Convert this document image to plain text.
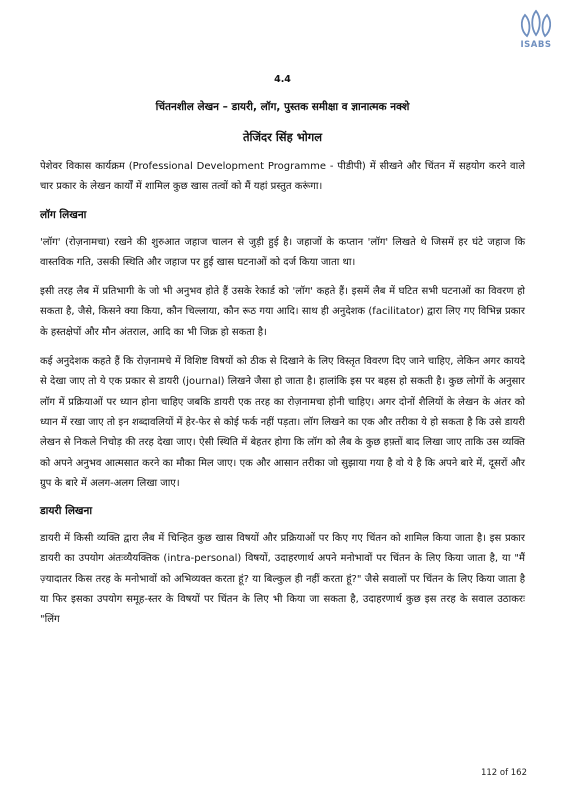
ISABS
4.4
चिंतनशील लेखन – डायरी, लॉग, पुस्तक समीक्षा व ज्ञानात्मक नक्शे
तेजिंदर सिंह भोगल

पेशेवर विकास कार्यक्रम (Professional Development Programme - पीडीपी) में सीखने और चिंतन में सहयोग करने वाले चार प्रकार के लेखन कार्यों में शामिल कुछ खास तत्वों को मैं यहां प्रस्तुत करूंगा।

लॉग लिखना

'लॉग' (रोज़नामचा) रखने की शुरुआत जहाज चालन से जुड़ी हुई है। जहाजों के कप्तान 'लॉग' लिखते थे जिसमें हर घंटे जहाज कि वास्तविक गति, उसकी स्थिति और जहाज पर हुई खास घटनाओं को दर्ज किया जाता था।

इसी तरह लैब में प्रतिभागी के जो भी अनुभव होते हैं उसके रेकार्ड को 'लॉग' कहते हैं। इसमें लैब में घटित सभी घटनाओं का विवरण हो सकता है, जैसे, किसने क्या किया, कौन चिल्लाया, कौन रूठ गया आदि। साथ ही अनुदेशक (facilitator) द्वारा लिए गए विभिन्न प्रकार के हस्तक्षेपों और मौन अंतराल, आदि का भी जिक्र हो सकता है।

कई अनुदेशक कहते हैं कि रोज़नामचे में विशिष्ट विषयों को ठीक से दिखाने के लिए विस्तृत विवरण दिए जाने चाहिए, लेकिन अगर कायदे से देखा जाए तो ये एक प्रकार से डायरी (journal) लिखने जैसा हो जाता है। हालांकि इस पर बहस हो सकती है। कुछ लोगों के अनुसार लॉग में प्रक्रियाओं पर ध्यान होना चाहिए जबकि डायरी एक तरह का रोज़नामचा होनी चाहिए। अगर दोनों शैलियों के लेखन के अंतर को ध्यान में रखा जाए तो इन शब्दावलियों में हेर-फेर से कोई फर्क नहीं पड़ता। लॉग लिखने का एक और तरीका ये हो सकता है कि उसे डायरी लेखन से निकले निचोड़ की तरह देखा जाए। ऐसी स्थिति में बेहतर होगा कि लॉग को लैब के कुछ हफ़्तों बाद लिखा जाए ताकि उस व्यक्ति को अपने अनुभव आत्मसात करने का मौका मिल जाए। एक और आसान तरीका जो सुझाया गया है वो ये है कि अपने बारे में, दूसरों और ग्रुप के बारे में अलग-अलग लिखा जाए।

डायरी लिखना

डायरी में किसी व्यक्ति द्वारा लैब में चिन्हित कुछ खास विषयों और प्रक्रियाओं पर किए गए चिंतन को शामिल किया जाता है। इस प्रकार डायरी का उपयोग अंतःव्यैयक्तिक (intra-personal) विषयों, उदाहरणार्थ अपने मनोभावों पर चिंतन के लिए किया जाता है, या "मैं ज़्यादातर किस तरह के मनोभावों को अभिव्यक्त करता हूं? या बिल्कुल ही नहीं करता हूं?" जैसे सवालों पर चिंतन के लिए किया जाता है या फिर इसका उपयोग समूह-स्तर के विषयों पर चिंतन के लिए भी किया जा सकता है, उदाहरणार्थ कुछ इस तरह के सवाल उठाकरः "लिंग

112 of 162
